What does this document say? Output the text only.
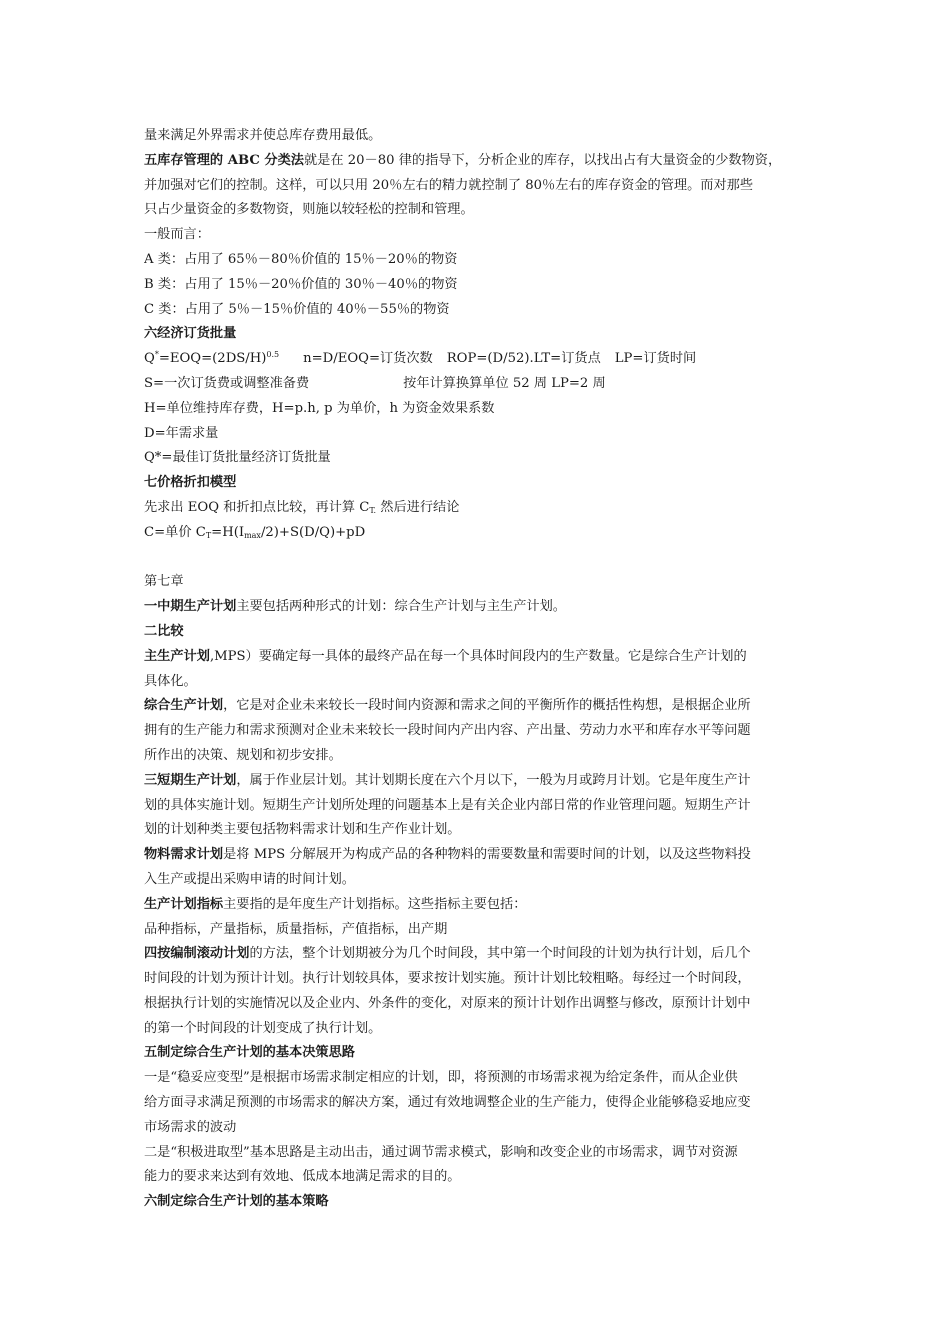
量来满足外界需求并使总库存费用最低。
五库存管理的 ABC 分类法就是在 20－80 律的指导下，分析企业的库存，以找出占有大量资金的少数物资，
并加强对它们的控制。这样，可以只用 20％左右的精力就控制了 80％左右的库存资金的管理。而对那些
只占少量资金的多数物资，则施以较轻松的控制和管理。
一般而言：
A 类：占用了 65％－80％价值的 15％－20％的物资
B 类：占用了 15％－20％价值的 30％－40％的物资
C 类：占用了 5％－15％价值的 40％－55％的物资
六经济订货批量
$Q^*=EOQ=(2DS/H)^{0.5}$ n=D/EOQ=订货次数 ROP=(D/52).LT=订货点 LP=订货时间
S=一次订货费或调整准备费	按年计算换算单位 52 周 LP=2 周
H=单位维持库存费，H=p.h, p 为单价，h 为资金效果系数
D=年需求量
Q*=最佳订货批量经济订货批量
七价格折扣模型
先求出 EOQ 和折扣点比较，再计算 $C_{T.}$ 然后进行结论
C=单价 $C_T=H(I_{max}/2)+S(D/Q)+pD$
第七章
一中期生产计划主要包括两种形式的计划：综合生产计划与主生产计划。
二比较
主生产计划,MPS）要确定每一具体的最终产品在每一个具体时间段内的生产数量。它是综合生产计划的
具体化。
综合生产计划，它是对企业未来较长一段时间内资源和需求之间的平衡所作的概括性构想，是根据企业所
拥有的生产能力和需求预测对企业未来较长一段时间内产出内容、产出量、劳动力水平和库存水平等问题
所作出的决策、规划和初步安排。
三短期生产计划，属于作业层计划。其计划期长度在六个月以下，一般为月或跨月计划。它是年度生产计
划的具体实施计划。短期生产计划所处理的问题基本上是有关企业内部日常的作业管理问题。短期生产计
划的计划种类主要包括物料需求计划和生产作业计划。
物料需求计划是将 MPS 分解展开为构成产品的各种物料的需要数量和需要时间的计划，以及这些物料投
入生产或提出采购申请的时间计划。
生产计划指标主要指的是年度生产计划指标。这些指标主要包括：
品种指标，产量指标，质量指标，产值指标，出产期
四按编制滚动计划的方法，整个计划期被分为几个时间段，其中第一个时间段的计划为执行计划，后几个
时间段的计划为预计计划。执行计划较具体，要求按计划实施。预计计划比较粗略。每经过一个时间段，
根据执行计划的实施情况以及企业内、外条件的变化，对原来的预计计划作出调整与修改，原预计计划中
的第一个时间段的计划变成了执行计划。
五制定综合生产计划的基本决策思路
一是“稳妥应变型”是根据市场需求制定相应的计划，即，将预测的市场需求视为给定条件，而从企业供
给方面寻求满足预测的市场需求的解决方案，通过有效地调整企业的生产能力，使得企业能够稳妥地应变
市场需求的波动
二是“积极进取型”基本思路是主动出击，通过调节需求模式，影响和改变企业的市场需求，调节对资源
能力的要求来达到有效地、低成本地满足需求的目的。
六制定综合生产计划的基本策略
